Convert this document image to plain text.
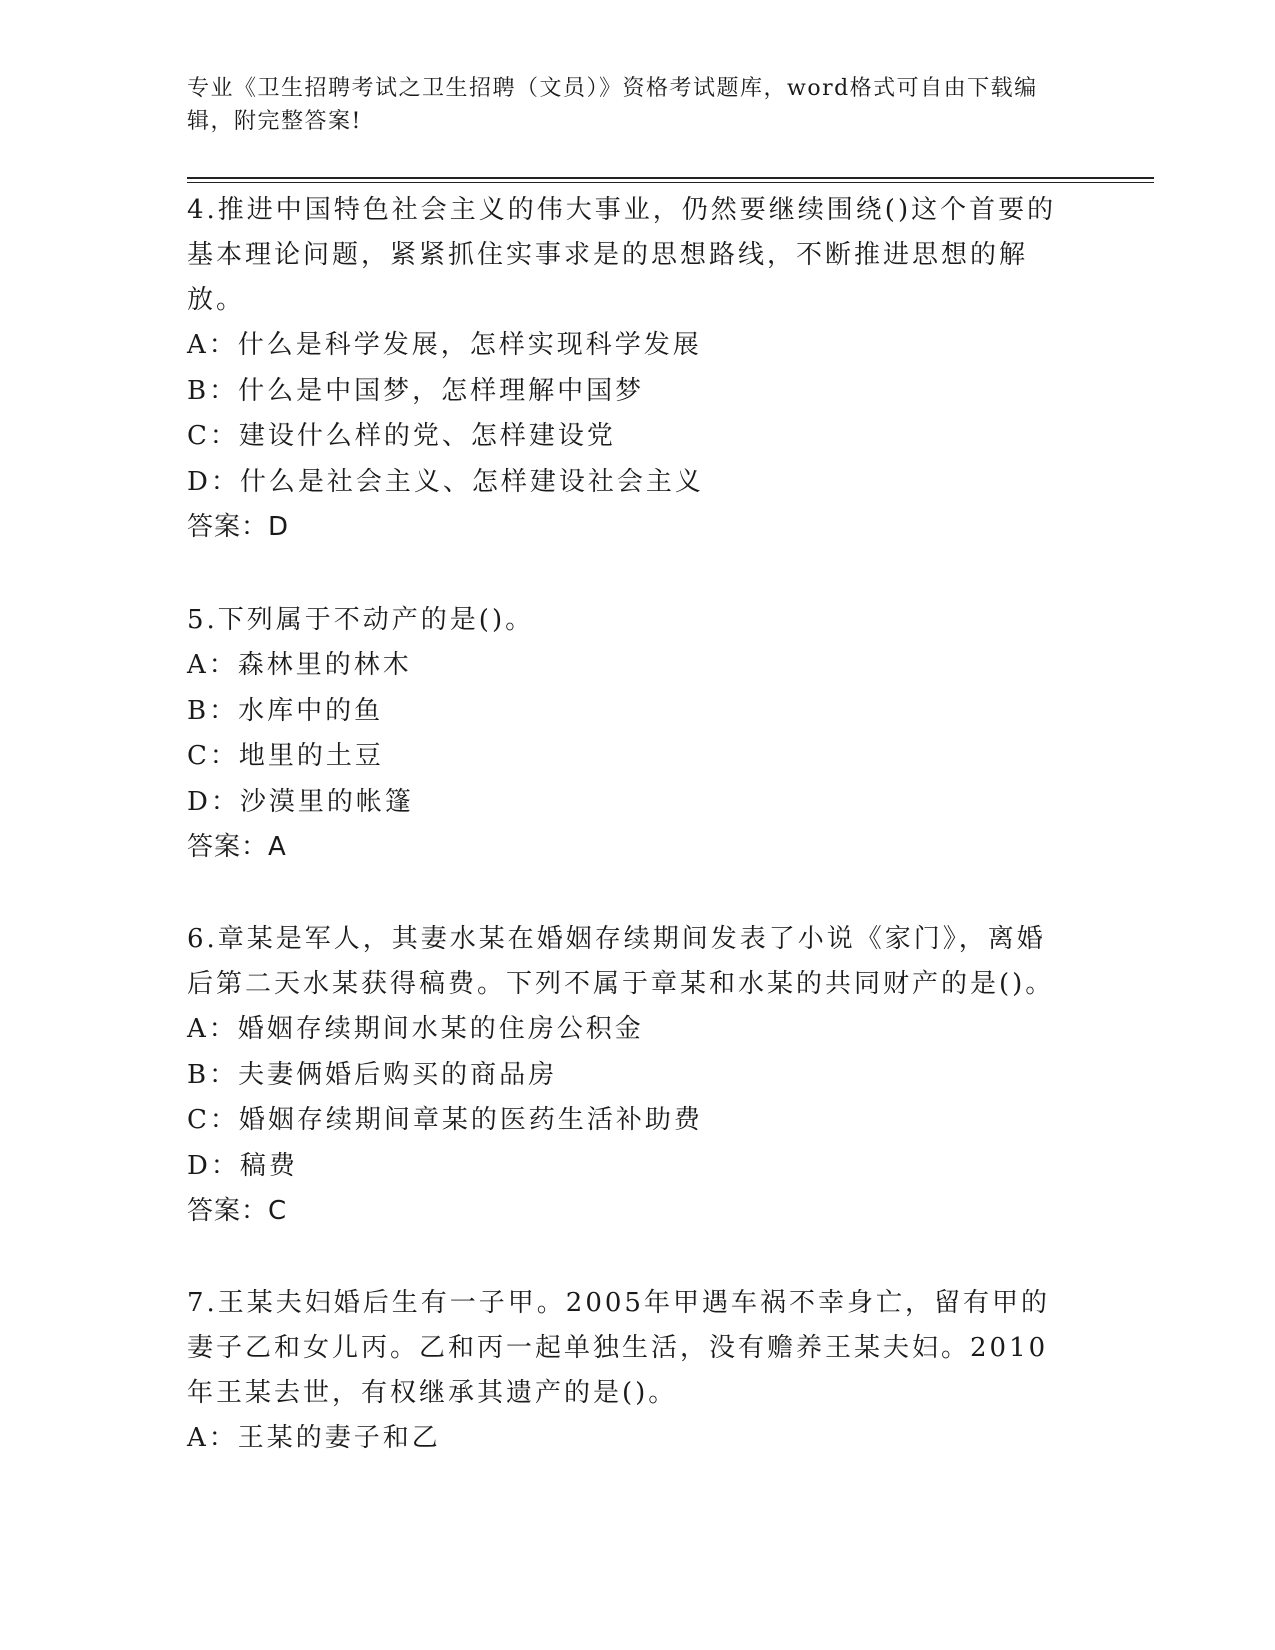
专业《卫生招聘考试之卫生招聘（文员）》资格考试题库，word格式可自由下载编辑，附完整答案!

4.推进中国特色社会主义的伟大事业，仍然要继续围绕()这个首要的基本理论问题，紧紧抓住实事求是的思想路线，不断推进思想的解放。

A：什么是科学发展，怎样实现科学发展

B：什么是中国梦，怎样理解中国梦

C：建设什么样的党、怎样建设党

D：什么是社会主义、怎样建设社会主义

答案：D

5.下列属于不动产的是()。

A：森林里的林木

B：水库中的鱼

C：地里的土豆

D：沙漠里的帐篷

答案：A

6.章某是军人，其妻水某在婚姻存续期间发表了小说《家门》，离婚后第二天水某获得稿费。下列不属于章某和水某的共同财产的是()。

A：婚姻存续期间水某的住房公积金

B：夫妻俩婚后购买的商品房

C：婚姻存续期间章某的医药生活补助费

D：稿费

答案：C

7.王某夫妇婚后生有一子甲。2005年甲遇车祸不幸身亡，留有甲的妻子乙和女儿丙。乙和丙一起单独生活，没有赡养王某夫妇。2010年王某去世，有权继承其遗产的是()。

A：王某的妻子和乙
